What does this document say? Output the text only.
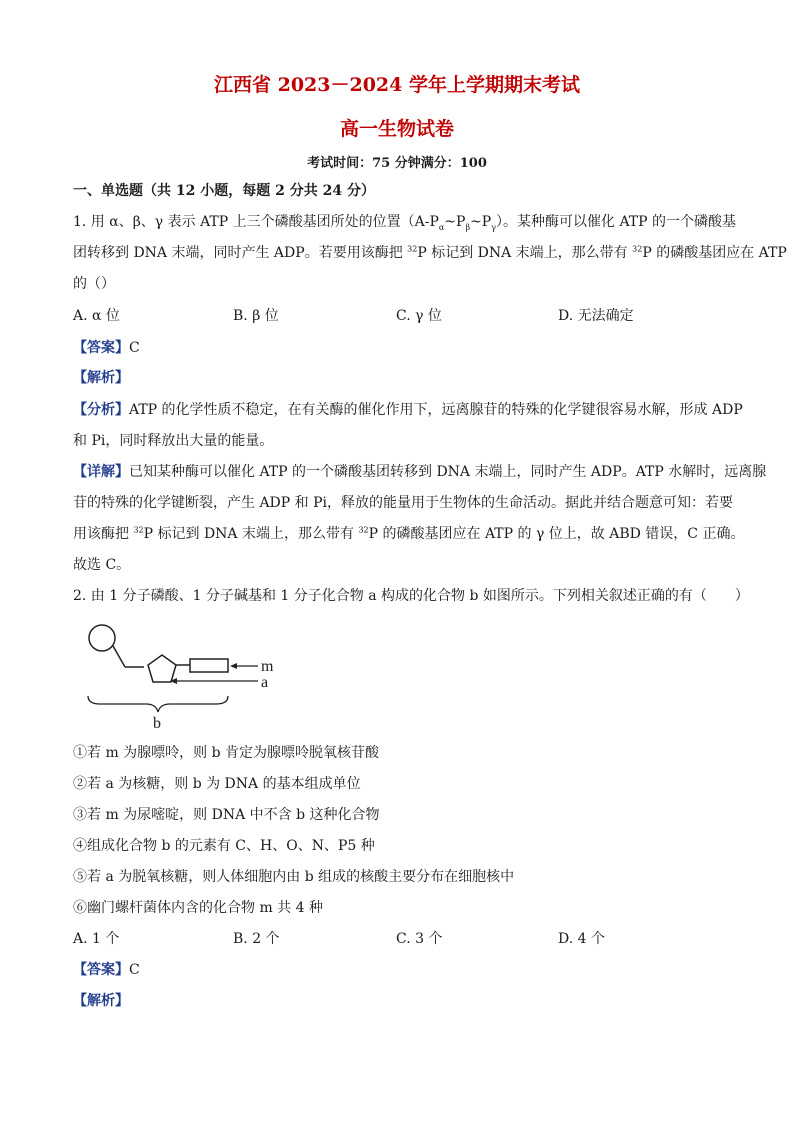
江西省 2023－2024 学年上学期期末考试
高一生物试卷
考试时间：75 分钟满分：100
一、单选题（共 12 小题，每题 2 分共 24 分）
1. 用 α、β、γ 表示 ATP 上三个磷酸基团所处的位置$(A-P_\alpha\sim P_\beta\sim P_\gamma)$。某种酶可以催化 ATP 的一个磷酸基
团转移到 DNA 末端，同时产生 ADP。若要用该酶把 $^{32}$P 标记到 DNA 末端上，那么带有 $^{32}$P 的磷酸基团应在 ATP
的（）
A. α 位	B. β 位	C. γ 位	D. 无法确定
【答案】C
【解析】
【分析】ATP 的化学性质不稳定，在有关酶的催化作用下，远离腺苷的特殊的化学键很容易水解，形成 ADP
和 Pi，同时释放出大量的能量。
【详解】已知某种酶可以催化 ATP 的一个磷酸基团转移到 DNA 末端上，同时产生 ADP。ATP 水解时，远离腺
苷的特殊的化学键断裂，产生 ADP 和 Pi，释放的能量用于生物体的生命活动。据此并结合题意可知：若要
用该酶把 $^{32}$P 标记到 DNA 末端上，那么带有 $^{32}$P 的磷酸基团应在 ATP 的 γ 位上，故 ABD 错误，C 正确。
故选 C。
2. 由 1 分子磷酸、1 分子碱基和 1 分子化合物 a 构成的化合物 b 如图所示。下列相关叙述正确的有（　　）
m
a
b
①若 m 为腺嘌呤，则 b 肯定为腺嘌呤脱氧核苷酸
②若 a 为核糖，则 b 为 DNA 的基本组成单位
③若 m 为尿嘧啶，则 DNA 中不含 b 这种化合物
④组成化合物 b 的元素有 C、H、O、N、P5 种
⑤若 a 为脱氧核糖，则人体细胞内由 b 组成的核酸主要分布在细胞核中
⑥幽门螺杆菌体内含的化合物 m 共 4 种
A. 1 个	B. 2 个	C. 3 个	D. 4 个
【答案】C
【解析】
